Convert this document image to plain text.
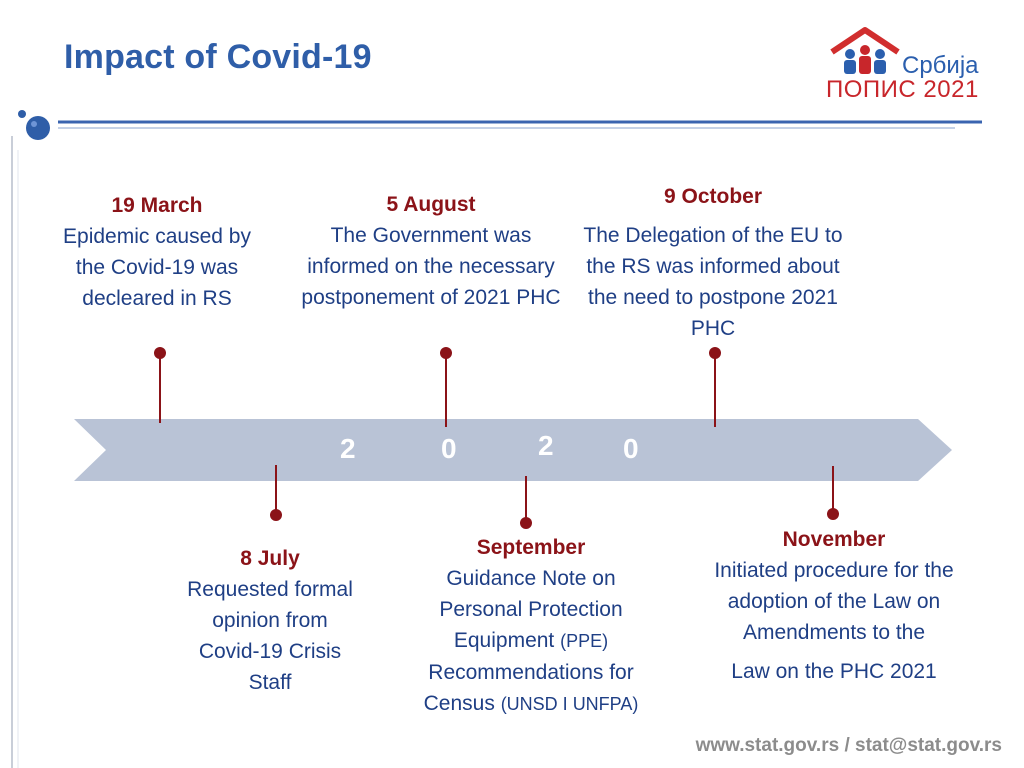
Impact of Covid-19	Србија
ПОПИС 2021
2	0	2 0
19 March
Epidemic caused by the Covid-19 was decleared in RS
5 August
The Government was informed on the necessary postponement of 2021 PHC
9 October
The Delegation of the EU to the RS was informed about the need to postpone 2021 PHC
8 July
Requested formal opinion from Covid-19 Crisis Staff
September
Guidance Note on Personal Protection Equipment (PPE) Recommendations for Census (UNSD I UNFPA)
November
Initiated procedure for the adoption of the Law on Amendments to the
Law on the PHC 2021
www.stat.gov.rs / stat@stat.gov.rs
